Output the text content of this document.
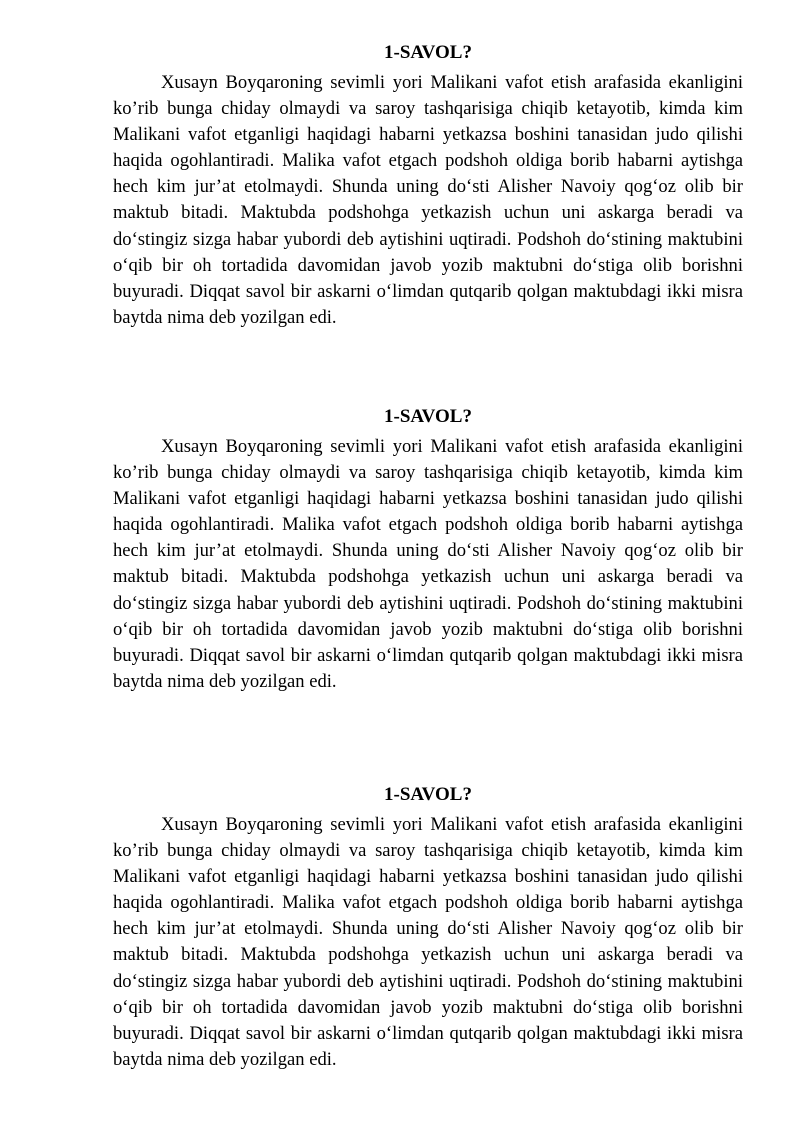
1-SAVOL?

Xusayn Boyqaroning sevimli yori Malikani vafot etish arafasida ekanligini ko’rib bunga chiday olmaydi va saroy tashqarisiga chiqib ketayotib, kimda kim Malikani vafot etganligi haqidagi habarni yetkazsa boshini tanasidan judo qilishi haqida ogohlantiradi. Malika vafot etgach podshoh oldiga borib habarni aytishga hech kim jur’at etolmaydi. Shunda uning do‘sti Alisher Navoiy qog‘oz olib bir maktub bitadi. Maktubda podshohga yetkazish uchun uni askarga beradi va do‘stingiz sizga habar yubordi deb aytishini uqtiradi. Podshoh do‘stining maktubini o‘qib bir oh tortadida davomidan javob yozib maktubni do‘stiga olib borishni buyuradi. Diqqat savol bir askarni o‘limdan qutqarib qolgan maktubdagi ikki misra baytda nima deb yozilgan edi.

1-SAVOL?

Xusayn Boyqaroning sevimli yori Malikani vafot etish arafasida ekanligini ko’rib bunga chiday olmaydi va saroy tashqarisiga chiqib ketayotib, kimda kim Malikani vafot etganligi haqidagi habarni yetkazsa boshini tanasidan judo qilishi haqida ogohlantiradi. Malika vafot etgach podshoh oldiga borib habarni aytishga hech kim jur’at etolmaydi. Shunda uning do‘sti Alisher Navoiy qog‘oz olib bir maktub bitadi. Maktubda podshohga yetkazish uchun uni askarga beradi va do‘stingiz sizga habar yubordi deb aytishini uqtiradi. Podshoh do‘stining maktubini o‘qib bir oh tortadida davomidan javob yozib maktubni do‘stiga olib borishni buyuradi. Diqqat savol bir askarni o‘limdan qutqarib qolgan maktubdagi ikki misra baytda nima deb yozilgan edi.

1-SAVOL?

Xusayn Boyqaroning sevimli yori Malikani vafot etish arafasida ekanligini ko’rib bunga chiday olmaydi va saroy tashqarisiga chiqib ketayotib, kimda kim Malikani vafot etganligi haqidagi habarni yetkazsa boshini tanasidan judo qilishi haqida ogohlantiradi. Malika vafot etgach podshoh oldiga borib habarni aytishga hech kim jur’at etolmaydi. Shunda uning do‘sti Alisher Navoiy qog‘oz olib bir maktub bitadi. Maktubda podshohga yetkazish uchun uni askarga beradi va do‘stingiz sizga habar yubordi deb aytishini uqtiradi. Podshoh do‘stining maktubini o‘qib bir oh tortadida davomidan javob yozib maktubni do‘stiga olib borishni buyuradi. Diqqat savol bir askarni o‘limdan qutqarib qolgan maktubdagi ikki misra baytda nima deb yozilgan edi.
